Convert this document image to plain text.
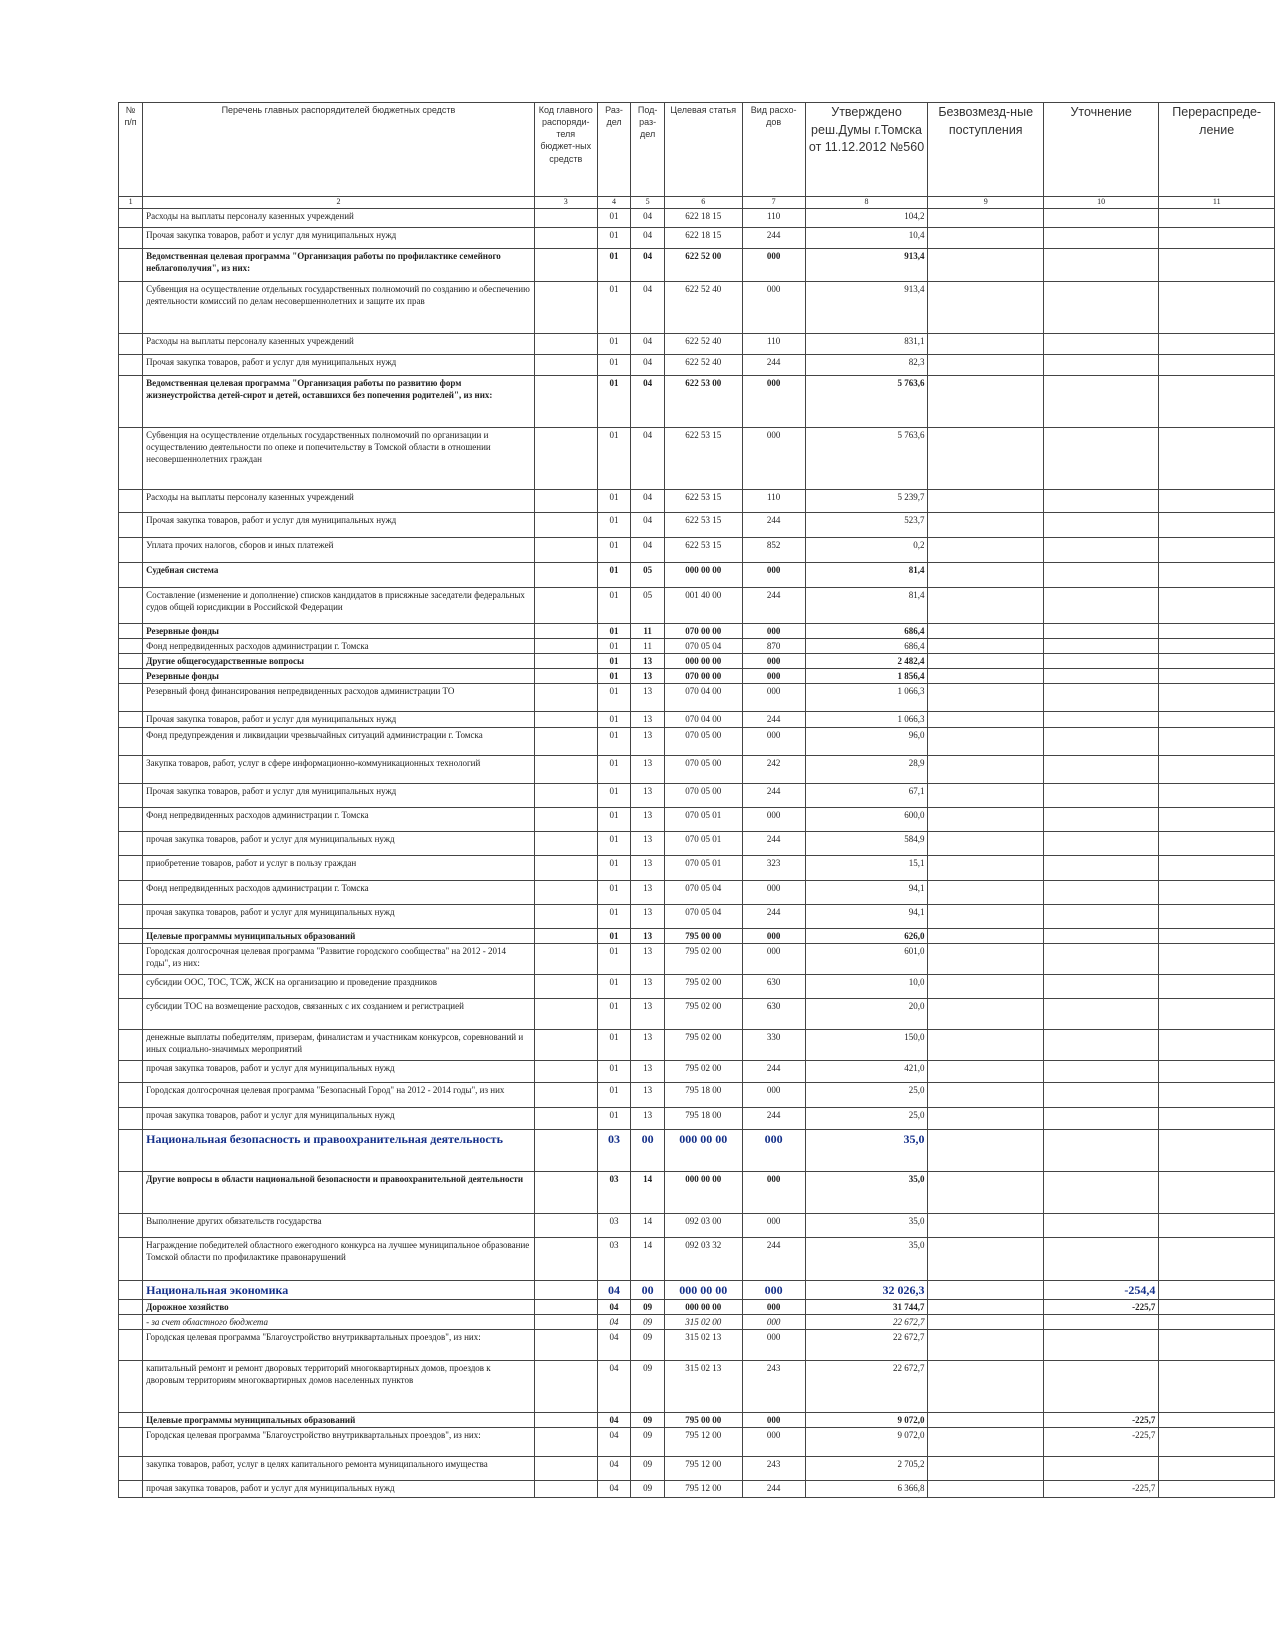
№ п/п	Перечень главных распорядителей бюджетных средств	Код главного распоряди-теля бюджет-ных средств	Раз-дел	Под-раз-дел	Целевая статья	Вид расхо-дов	Утверждено реш.Думы г.Томска от 11.12.2012 №560	Безвозмезд-ные поступления	Уточнение	Перераспреде-ление
1	2	3	4	5	6	7	8	9	10	11
	Расходы на выплаты персоналу казенных учреждений		01	04	622 18 15	110	104,2			
	Прочая закупка товаров, работ и услуг для муниципальных нужд		01	04	622 18 15	244	10,4			
	Ведомственная целевая программа "Организация работы по профилактике семейного неблагополучия", из них:		01	04	622 52 00	000	913,4			
	Субвенция на осуществление отдельных государственных полномочий по созданию и обеспечению деятельности комиссий по делам несовершеннолетних и защите их прав		01	04	622 52 40	000	913,4			
	Расходы на выплаты персоналу казенных учреждений		01	04	622 52 40	110	831,1			
	Прочая закупка товаров, работ и услуг для муниципальных нужд		01	04	622 52 40	244	82,3			
	Ведомственная целевая программа "Организация работы по развитию форм жизнеустройства детей-сирот и детей, оставшихся без попечения родителей", из них:		01	04	622 53 00	000	5 763,6			
	Субвенция на осуществление отдельных государственных полномочий по организации и осуществлению деятельности по опеке и попечительству в Томской области в отношении несовершеннолетних граждан		01	04	622 53 15	000	5 763,6			
	Расходы на выплаты персоналу казенных учреждений		01	04	622 53 15	110	5 239,7			
	Прочая закупка товаров, работ и услуг для муниципальных нужд		01	04	622 53 15	244	523,7			
	Уплата прочих налогов, сборов и иных платежей		01	04	622 53 15	852	0,2			
	Судебная система		01	05	000 00 00	000	81,4			
	Составление (изменение и дополнение) списков кандидатов в присяжные заседатели федеральных судов общей юрисдикции в Российской Федерации		01	05	001 40 00	244	81,4			
	Резервные фонды		01	11	070 00 00	000	686,4			
	Фонд непредвиденных расходов администрации г. Томска		01	11	070 05 04	870	686,4			
	Другие общегосударственные вопросы		01	13	000 00 00	000	2 482,4			
	Резервные фонды		01	13	070 00 00	000	1 856,4			
	Резервный фонд финансирования непредвиденных расходов администрации ТО		01	13	070 04 00	000	1 066,3			
	Прочая закупка товаров, работ и услуг для муниципальных нужд		01	13	070 04 00	244	1 066,3			
	Фонд предупреждения и ликвидации чрезвычайных ситуаций администрации г. Томска		01	13	070 05 00	000	96,0			
	Закупка товаров, работ, услуг в сфере информационно-коммуникационных технологий		01	13	070 05 00	242	28,9			
	Прочая закупка товаров, работ и услуг для муниципальных нужд		01	13	070 05 00	244	67,1			
	Фонд непредвиденных расходов администрации г. Томска		01	13	070 05 01	000	600,0			
	прочая закупка товаров, работ и услуг для муниципальных нужд		01	13	070 05 01	244	584,9			
	приобретение товаров, работ и услуг в пользу граждан		01	13	070 05 01	323	15,1			
	Фонд непредвиденных расходов администрации г. Томска		01	13	070 05 04	000	94,1			
	прочая закупка товаров, работ и услуг для муниципальных нужд		01	13	070 05 04	244	94,1			
	Целевые программы муниципальных образований		01	13	795 00 00	000	626,0			
	Городская долгосрочная целевая программа "Развитие городского сообщества" на 2012 - 2014 годы", из них:		01	13	795 02 00	000	601,0			
	субсидии ООС, ТОС, ТСЖ, ЖСК на организацию и проведение праздников		01	13	795 02 00	630	10,0			
	субсидии ТОС на возмещение расходов, связанных с их созданием и регистрацией		01	13	795 02 00	630	20,0			
	денежные выплаты победителям, призерам, финалистам и участникам конкурсов, соревнований и иных социально-значимых мероприятий		01	13	795 02 00	330	150,0			
	прочая закупка товаров, работ и услуг для муниципальных нужд		01	13	795 02 00	244	421,0			
	Городская долгосрочная целевая программа "Безопасный Город" на 2012 - 2014 годы", из них		01	13	795 18 00	000	25,0			
	прочая закупка товаров, работ и услуг для муниципальных нужд		01	13	795 18 00	244	25,0			
	Национальная безопасность и правоохранительная деятельность		03	00	000 00 00	000	35,0			
	Другие вопросы в области национальной безопасности и правоохранительной деятельности		03	14	000 00 00	000	35,0			
	Выполнение других обязательств государства		03	14	092 03 00	000	35,0			
	Награждение победителей областного ежегодного конкурса на лучшее муниципальное образование Томской области по профилактике правонарушений		03	14	092 03 32	244	35,0			
	Национальная экономика		04	00	000 00 00	000	32 026,3		-254,4	
	Дорожное хозяйство		04	09	000 00 00	000	31 744,7		-225,7	
	- за счет областного бюджета		04	09	315 02 00	000	22 672,7			
	Городская целевая программа "Благоустройство внутриквартальных проездов", из них:		04	09	315 02 13	000	22 672,7			
	капитальный ремонт и ремонт дворовых территорий многоквартирных домов, проездов к дворовым территориям многоквартирных домов населенных пунктов		04	09	315 02 13	243	22 672,7			
	Целевые программы муниципальных образований		04	09	795 00 00	000	9 072,0		-225,7	
	Городская целевая программа "Благоустройство внутриквартальных проездов", из них:		04	09	795 12 00	000	9 072,0		-225,7	
	закупка товаров, работ, услуг в целях капитального ремонта муниципального имущества		04	09	795 12 00	243	2 705,2			
	прочая закупка товаров, работ и услуг для муниципальных нужд		04	09	795 12 00	244	6 366,8		-225,7	
